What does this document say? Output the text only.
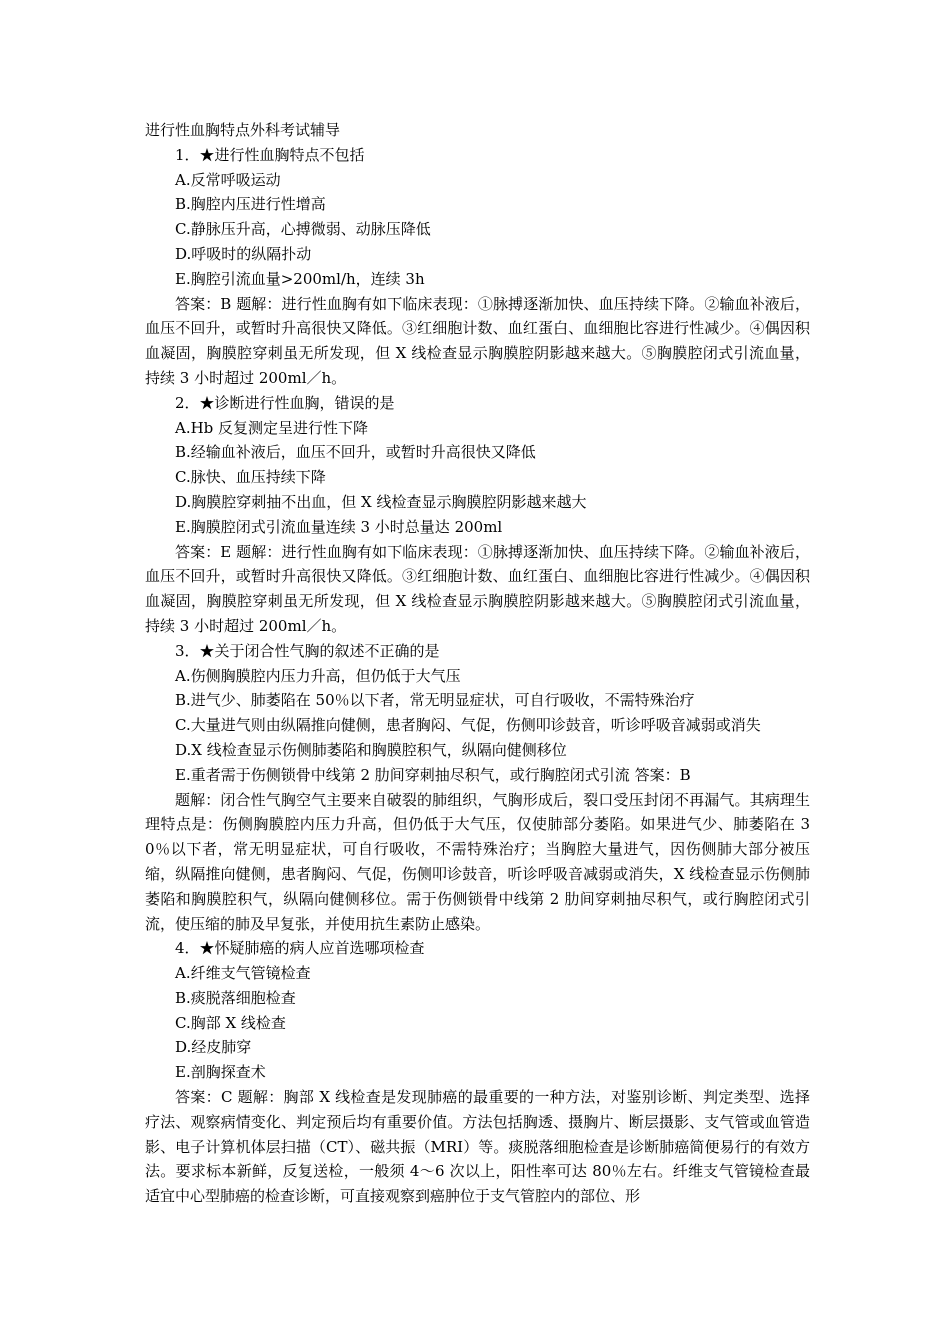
进行性血胸特点外科考试辅导

1．★进行性血胸特点不包括

A.反常呼吸运动

B.胸腔内压进行性增高

C.静脉压升高，心搏微弱、动脉压降低

D.呼吸时的纵隔扑动

E.胸腔引流血量>200ml/h，连续 3h

答案：B 题解：进行性血胸有如下临床表现：①脉搏逐渐加快、血压持续下降。②输血补液后，血压不回升，或暂时升高很快又降低。③红细胞计数、血红蛋白、血细胞比容进行性减少。④偶因积血凝固，胸膜腔穿刺虽无所发现，但 X 线检查显示胸膜腔阴影越来越大。⑤胸膜腔闭式引流血量，持续 3 小时超过 200ml／h。

2．★诊断进行性血胸，错误的是

A.Hb 反复测定呈进行性下降

B.经输血补液后，血压不回升，或暂时升高很快又降低

C.脉快、血压持续下降

D.胸膜腔穿刺抽不出血，但 X 线检查显示胸膜腔阴影越来越大

E.胸膜腔闭式引流血量连续 3 小时总量达 200ml

答案：E 题解：进行性血胸有如下临床表现：①脉搏逐渐加快、血压持续下降。②输血补液后，血压不回升，或暂时升高很快又降低。③红细胞计数、血红蛋白、血细胞比容进行性减少。④偶因积血凝固，胸膜腔穿刺虽无所发现，但 X 线检查显示胸膜腔阴影越来越大。⑤胸膜腔闭式引流血量，持续 3 小时超过 200ml／h。

3．★关于闭合性气胸的叙述不正确的是

A.伤侧胸膜腔内压力升高，但仍低于大气压

B.进气少、肺萎陷在 50％以下者，常无明显症状，可自行吸收，不需特殊治疗

C.大量进气则由纵隔推向健侧，患者胸闷、气促，伤侧叩诊鼓音，听诊呼吸音减弱或消失

D.X 线检查显示伤侧肺萎陷和胸膜腔积气，纵隔向健侧移位

E.重者需于伤侧锁骨中线第 2 肋间穿刺抽尽积气，或行胸腔闭式引流 答案：B

题解：闭合性气胸空气主要来自破裂的肺组织，气胸形成后，裂口受压封闭不再漏气。其病理生理特点是：伤侧胸膜腔内压力升高，但仍低于大气压，仅使肺部分萎陷。如果进气少、肺萎陷在 30％以下者，常无明显症状，可自行吸收，不需特殊治疗；当胸腔大量进气，因伤侧肺大部分被压缩，纵隔推向健侧，患者胸闷、气促，伤侧叩诊鼓音，听诊呼吸音减弱或消失，X 线检查显示伤侧肺萎陷和胸膜腔积气，纵隔向健侧移位。需于伤侧锁骨中线第 2 肋间穿刺抽尽积气，或行胸腔闭式引流，使压缩的肺及早复张，并使用抗生素防止感染。

4．★怀疑肺癌的病人应首选哪项检查

A.纤维支气管镜检查

B.痰脱落细胞检查

C.胸部 X 线检查

D.经皮肺穿

E.剖胸探查术

答案：C 题解：胸部 X 线检查是发现肺癌的最重要的一种方法，对鉴别诊断、判定类型、选择疗法、观察病情变化、判定预后均有重要价值。方法包括胸透、摄胸片、断层摄影、支气管或血管造影、电子计算机体层扫描（CT）、磁共振（MRI）等。痰脱落细胞检查是诊断肺癌简便易行的有效方法。要求标本新鲜，反复送检，一般须 4～6 次以上，阳性率可达 80％左右。纤维支气管镜检查最适宜中心型肺癌的检查诊断，可直接观察到癌肿位于支气管腔内的部位、形
